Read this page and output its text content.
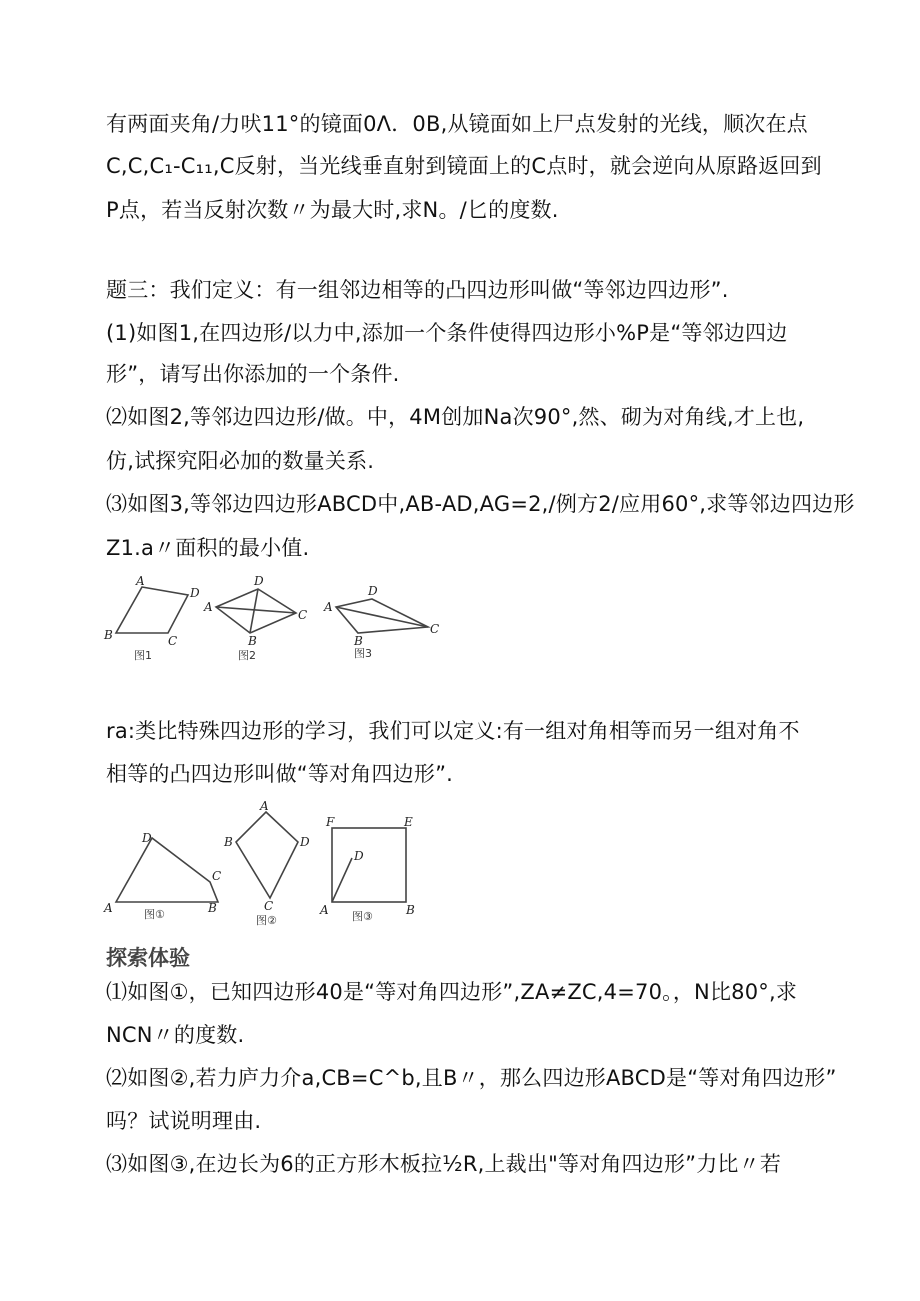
有两面夹角/力吠11°的镜面0Λ．0B,从镜面如上尸点发射的光线，顺次在点
C,C,C₁-C₁₁,C反射，当光线垂直射到镜面上的C点时，就会逆向从原路返回到
P点，若当反射次数〃为最大时,求N。/匕的度数.
题三：我们定义：有一组邻边相等的凸四边形叫做“等邻边四边形”.
(1)如图1,在四边形/以力中,添加一个条件使得四边形小%P是“等邻边四边
形”，请写出你添加的一个条件.
⑵如图2,等邻边四边形/做。中，4M创加Na次90°,然、砌为对角线,才上也,
仿,试探究阳必加的数量关系.
⑶如图3,等邻边四边形ABCD中,AB-AD,AG=2,/例方2/应用60°,求等邻边四边形
Z1.a〃面积的最小值.
A
D
B	C
图1
D
A
C
B
图2
D
A
C
B
图3
ra:类比特殊四边形的学习，我们可以定义:有一组对角相等而另一组对角不
相等的凸四边形叫做“等对角四边形”.
D
C
A	B
图①
A
B	D
C
图②
F	E
D
A	B
图③
探索体验
⑴如图①，已知四边形40是“等对角四边形”,ZA≠ZC,4=70。，N比80°,求
NCN〃的度数.
⑵如图②,若力庐力介a,CB=C^b,且B〃，那么四边形ABCD是“等对角四边形”
吗？试说明理由.
⑶如图③,在边长为6的正方形木板拉½R,上裁出"等对角四边形”力比〃若
